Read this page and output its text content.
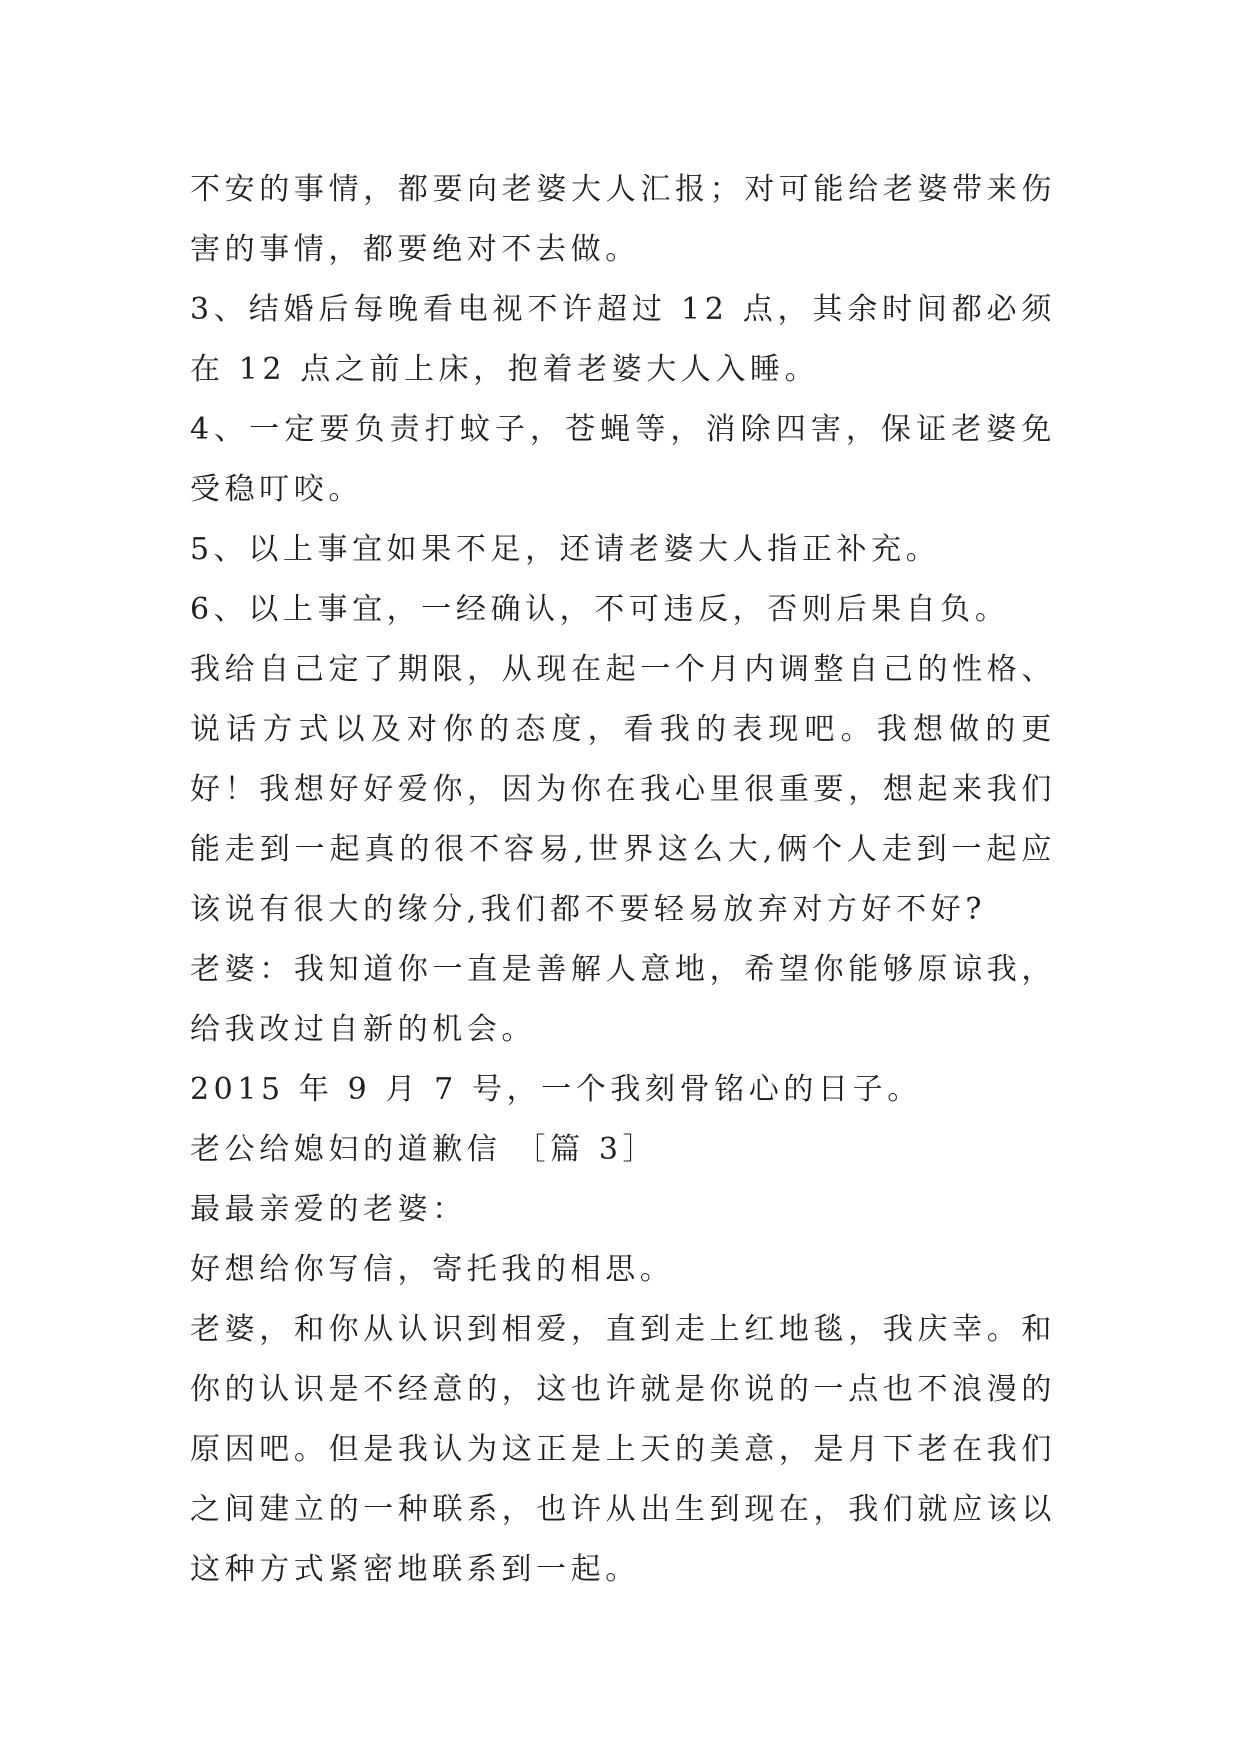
不安的事情，都要向老婆大人汇报；对可能给老婆带来伤害的事情，都要绝对不去做。

3、结婚后每晚看电视不许超过 12 点，其余时间都必须在 12 点之前上床，抱着老婆大人入睡。

4、一定要负责打蚊子，苍蝇等，消除四害，保证老婆免受稳叮咬。

5、以上事宜如果不足，还请老婆大人指正补充。

6、以上事宜，一经确认，不可违反，否则后果自负。

我给自己定了期限，从现在起一个月内调整自己的性格、说话方式以及对你的态度，看我的表现吧。我想做的更好！我想好好爱你，因为你在我心里很重要，想起来我们能走到一起真的很不容易,世界这么大,俩个人走到一起应该说有很大的缘分,我们都不要轻易放弃对方好不好?

老婆：我知道你一直是善解人意地，希望你能够原谅我，给我改过自新的机会。

2015 年 9 月 7 号，一个我刻骨铭心的日子。

老公给媳妇的道歉信 ［篇 3］

最最亲爱的老婆：

好想给你写信，寄托我的相思。

老婆，和你从认识到相爱，直到走上红地毯，我庆幸。和你的认识是不经意的，这也许就是你说的一点也不浪漫的原因吧。但是我认为这正是上天的美意，是月下老在我们之间建立的一种联系，也许从出生到现在，我们就应该以这种方式紧密地联系到一起。
